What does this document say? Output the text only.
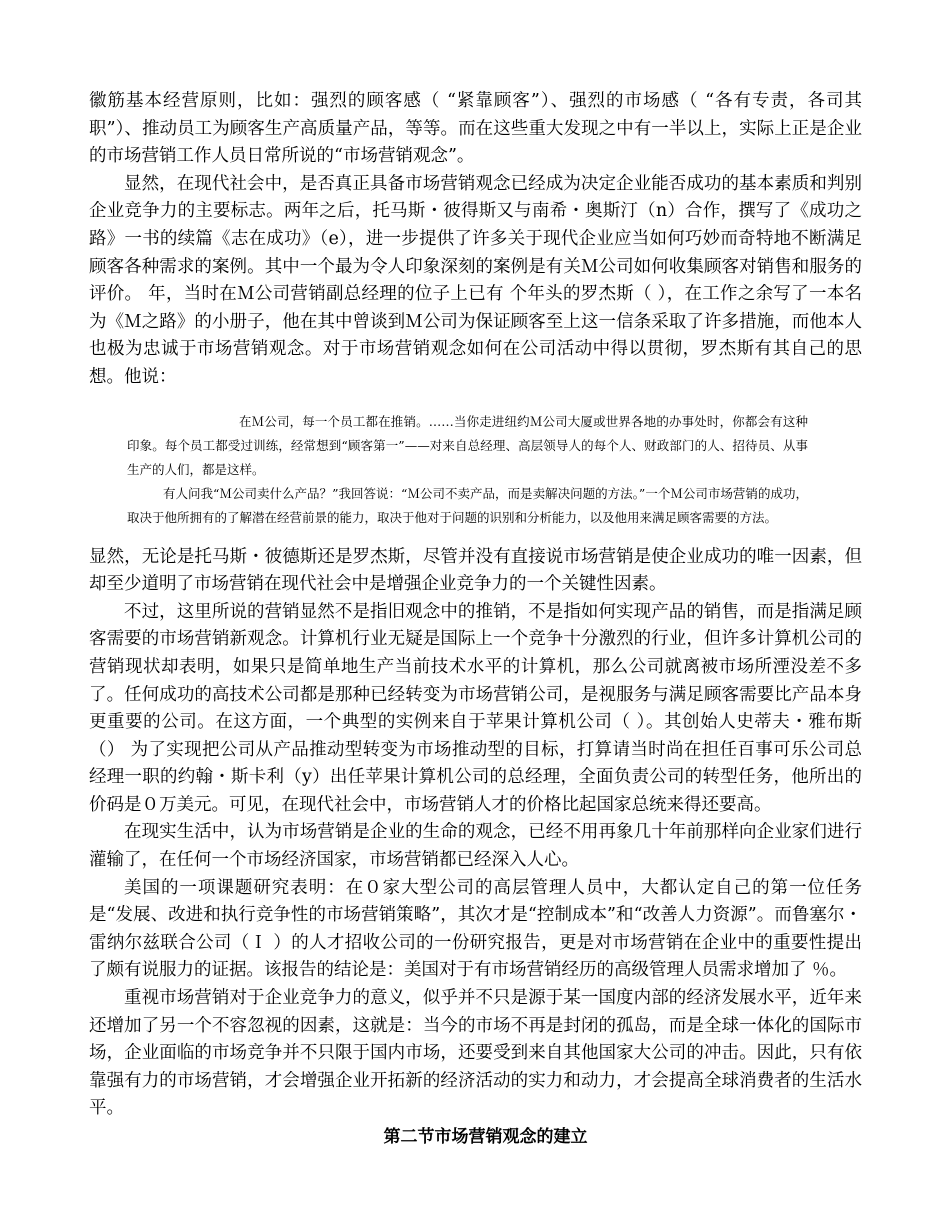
徽筋基本经营原则，比如：强烈的顾客感（ “紧靠顾客”）、强烈的市场感（ “各有专责，各司其职”）、推动员工为顾客生产高质量产品，等等。而在这些重大发现之中有一半以上，实际上正是企业的市场营销工作人员日常所说的“市场营销观念”。

显然，在现代社会中，是否真正具备市场营销观念已经成为决定企业能否成功的基本素质和判别企业竞争力的主要标志。两年之后，托马斯・彼得斯又与南希・奥斯汀（n）合作，撰写了《成功之路》一书的续篇《志在成功》（e），进一步提供了许多关于现代企业应当如何巧妙而奇特地不断满足顾客各种需求的案例。其中一个最为令人印象深刻的案例是有关Ｍ公司如何收集顾客对销售和服务的评价。 年，当时在Ｍ公司营销副总经理的位子上已有 个年头的罗杰斯（ ），在工作之余写了一本名为《Ｍ之路》的小册子，他在其中曾谈到Ｍ公司为保证顾客至上这一信条采取了许多措施，而他本人也极为忠诚于市场营销观念。对于市场营销观念如何在公司活动中得以贯彻，罗杰斯有其自己的思想。他说：

在Ｍ公司，每一个员工都在推销。……当你走进纽约Ｍ公司大厦或世界各地的办事处时，你都会有这种印象。每个员工都受过训练，经常想到“顾客第一”——对来自总经理、高层领导人的每个人、财政部门的人、招待员、从事生产的人们，都是这样。

有人问我“Ｍ公司卖什么产品？”我回答说：“Ｍ公司不卖产品，而是卖解决问题的方法。”一个Ｍ公司市场营销的成功，取决于他所拥有的了解潜在经营前景的能力，取决于他对于问题的识别和分析能力，以及他用来满足顾客需要的方法。

显然，无论是托马斯・彼德斯还是罗杰斯，尽管并没有直接说市场营销是使企业成功的唯一因素，但却至少道明了市场营销在现代社会中是增强企业竞争力的一个关键性因素。

不过，这里所说的营销显然不是指旧观念中的推销，不是指如何实现产品的销售，而是指满足顾客需要的市场营销新观念。计算机行业无疑是国际上一个竞争十分激烈的行业，但许多计算机公司的营销现状却表明，如果只是简单地生产当前技术水平的计算机，那么公司就离被市场所湮没差不多了。任何成功的高技术公司都是那种已经转变为市场营销公司，是视服务与满足顾客需要比产品本身更重要的公司。在这方面，一个典型的实例来自于苹果计算机公司（ ）。其创始人史蒂夫・雅布斯（） 为了实现把公司从产品推动型转变为市场推动型的目标，打算请当时尚在担任百事可乐公司总经理一职的约翰・斯卡利（y）出任苹果计算机公司的总经理，全面负责公司的转型任务，他所出的价码是０万美元。可见，在现代社会中，市场营销人才的价格比起国家总统来得还要高。

在现实生活中，认为市场营销是企业的生命的观念，已经不用再象几十年前那样向企业家们进行灌输了，在任何一个市场经济国家，市场营销都已经深入人心。

美国的一项课题研究表明：在０家大型公司的高层管理人员中，大都认定自己的第一位任务是“发展、改进和执行竞争性的市场营销策略”，其次才是“控制成本”和“改善人力资源”。而鲁塞尔・雷纳尔兹联合公司（Ｉ ）的人才招收公司的一份研究报告，更是对市场营销在企业中的重要性提出了颇有说服力的证据。该报告的结论是：美国对于有市场营销经历的高级管理人员需求增加了 ％。

重视市场营销对于企业竞争力的意义，似乎并不只是源于某一国度内部的经济发展水平，近年来还增加了另一个不容忽视的因素，这就是：当今的市场不再是封闭的孤岛，而是全球一体化的国际市场，企业面临的市场竞争并不只限于国内市场，还要受到来自其他国家大公司的冲击。因此，只有依靠强有力的市场营销，才会增强企业开拓新的经济活动的实力和动力，才会提高全球消费者的生活水平。

第二节市场营销观念的建立
